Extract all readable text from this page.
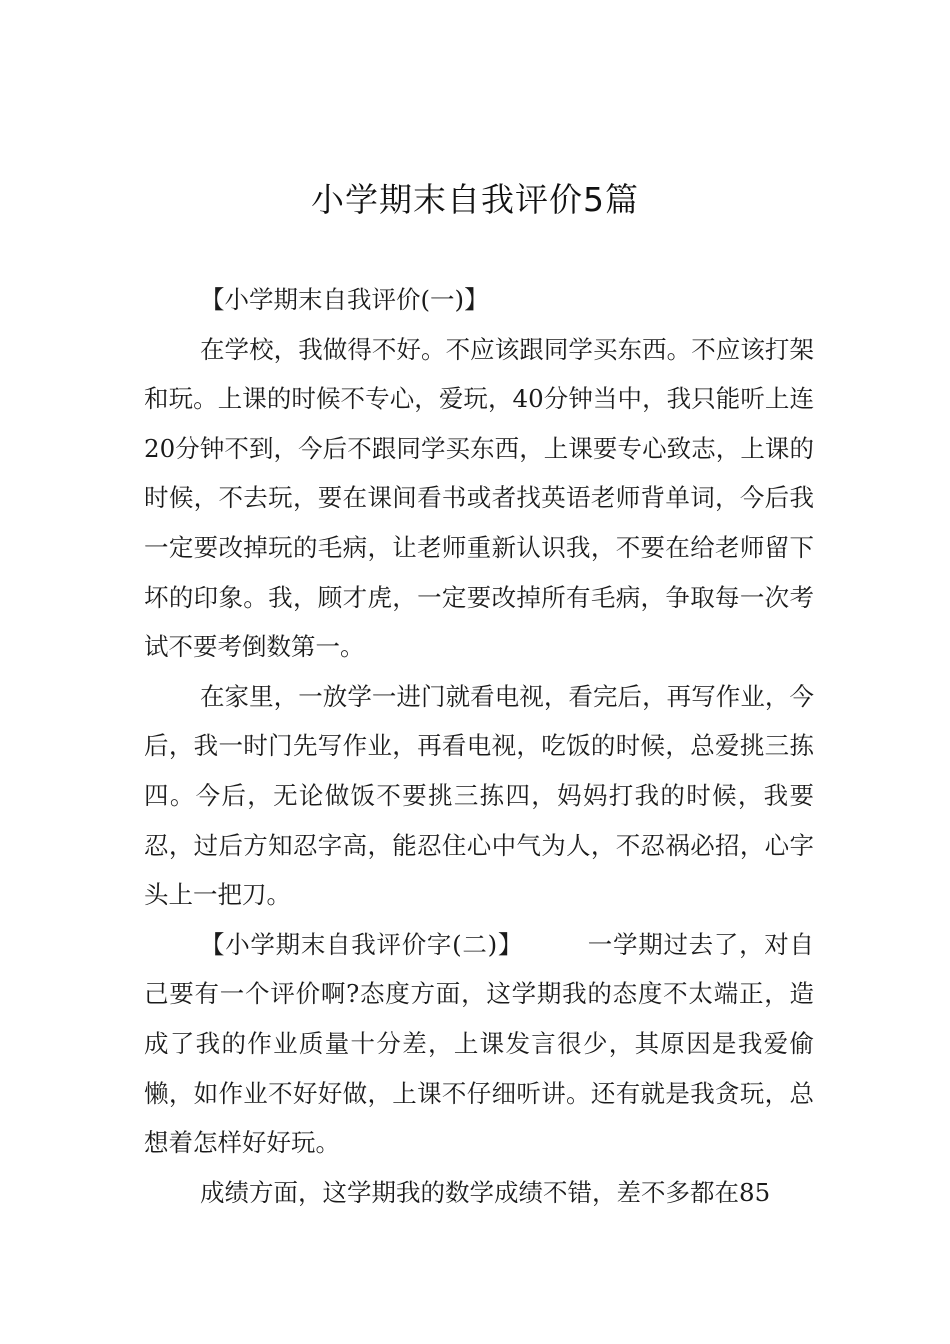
小学期末自我评价5篇

【小学期末自我评价(一)】

在学校，我做得不好。不应该跟同学买东西。不应该打架和玩。上课的时候不专心，爱玩，40分钟当中，我只能听上连20分钟不到，今后不跟同学买东西，上课要专心致志，上课的时候，不去玩，要在课间看书或者找英语老师背单词，今后我一定要改掉玩的毛病，让老师重新认识我，不要在给老师留下坏的印象。我，顾才虎，一定要改掉所有毛病，争取每一次考试不要考倒数第一。

在家里，一放学一进门就看电视，看完后，再写作业，今后，我一时门先写作业，再看电视，吃饭的时候，总爱挑三拣四。今后，无论做饭不要挑三拣四，妈妈打我的时候，我要忍，过后方知忍字高，能忍住心中气为人，不忍祸必招，心字头上一把刀。

【小学期末自我评价字(二)】	一学期过去了，对自己要有一个评价啊?态度方面，这学期我的态度不太端正，造成了我的作业质量十分差，上课发言很少，其原因是我爱偷懒，如作业不好好做，上课不仔细听讲。还有就是我贪玩，总想着怎样好好玩。

成绩方面，这学期我的数学成绩不错，差不多都在85
